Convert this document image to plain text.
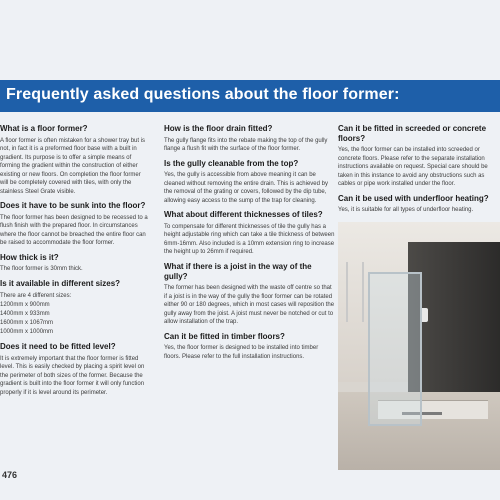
Frequently asked questions about the floor former:
What is a floor former?
A floor former is often mistaken for a shower tray but is not, in fact it is a preformed floor base with a built in gradient. Its purpose is to offer a simple means of forming the gradient within the construction of either existing or new floors. On completion the floor former will be completely covered with tiles, with only the stainless Steel Grate visible.
Does it have to be sunk into the floor?
The floor former has been designed to be recessed to a flush finish with the prepared floor. In circumstances where the floor cannot be breached the entire floor can be raised to accommodate the floor former.
How thick is it?
The floor former is 30mm thick.
Is it available in different sizes?
There are 4 different sizes:
1200mm x 900mm
1400mm x 933mm
1600mm x 1067mm
1000mm x 1000mm
Does it need to be fitted level?
It is extremely important that the floor former is fitted level. This is easily checked by placing a spirit level on the perimeter of both sizes of the former. Because the gradient is built into the floor former it will only function properly if it is level around its perimeter.
How is the floor drain fitted?
The gully flange fits into the rebate making the top of the gully flange a flush fit with the surface of the floor former.
Is the gully cleanable from the top?
Yes, the gully is accessible from above meaning it can be cleaned without removing the entire drain. This is achieved by the removal of the grating or covers, followed by the dip tube, allowing easy access to the sump of the trap for cleaning.
What about different thicknesses of tiles?
To compensate for different thicknesses of tile the gully has a height adjustable ring which can take a tile thickness of between 6mm-16mm. Also included is a 10mm extension ring to increase the height up to 26mm if required.
What if there is a joist in the way of the gully?
The former has been designed with the waste off centre so that if a joist is in the way of the gully the floor former can be rotated either 90 or 180 degrees, which in most cases will reposition the gully away from the joist. A joist must never be notched or cut to allow installation of the trap.
Can it be fitted in timber floors?
Yes, the floor former is designed to be installed into timber floors. Please refer to the full installation instructions.
Can it be fitted in screeded or concrete floors?
Yes, the floor former can be installed into screeded or concrete floors. Please refer to the separate installation instructions available on request. Special care should be taken in this instance to avoid any obstructions such as cables or pipe work installed under the floor.
Can it be used with underfloor heating?
Yes, it is suitable for all types of underfloor heating.
476
